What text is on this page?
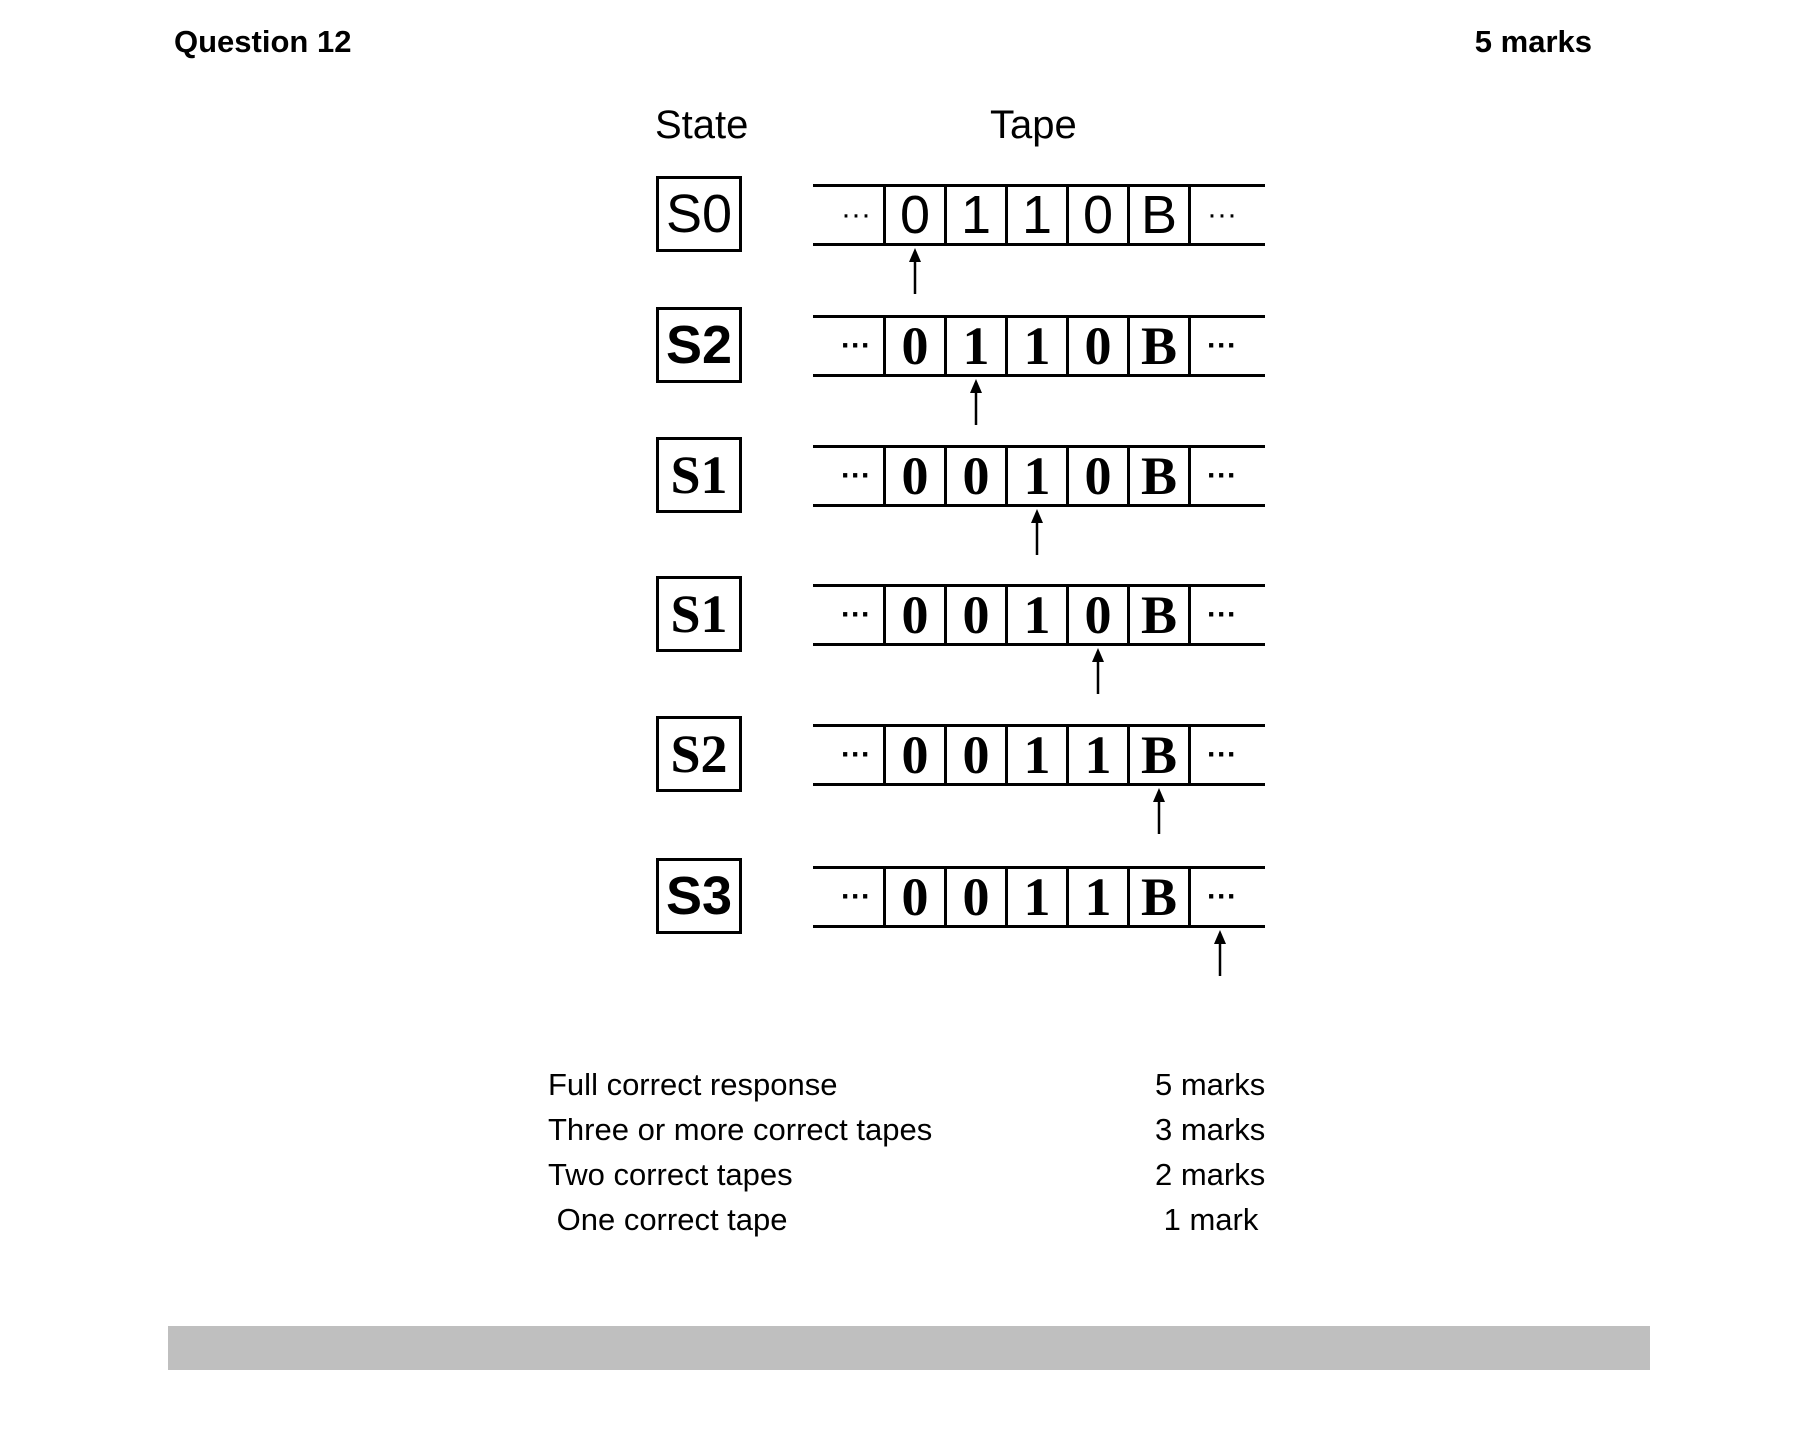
Question 12	5 marks
State	Tape
S0	··· 0 1 1 0 B ···
S2	··· 0 1 1 0 B ···
S1	··· 0 0 1 0 B ···
S1	··· 0 0 1 0 B ···
S2	··· 0 0 1 1 B ···
S3	··· 0 0 1 1 B ···
Full correct response	5 marks
Three or more correct tapes	3 marks
Two correct tapes	2 marks
One correct tape	1 mark
